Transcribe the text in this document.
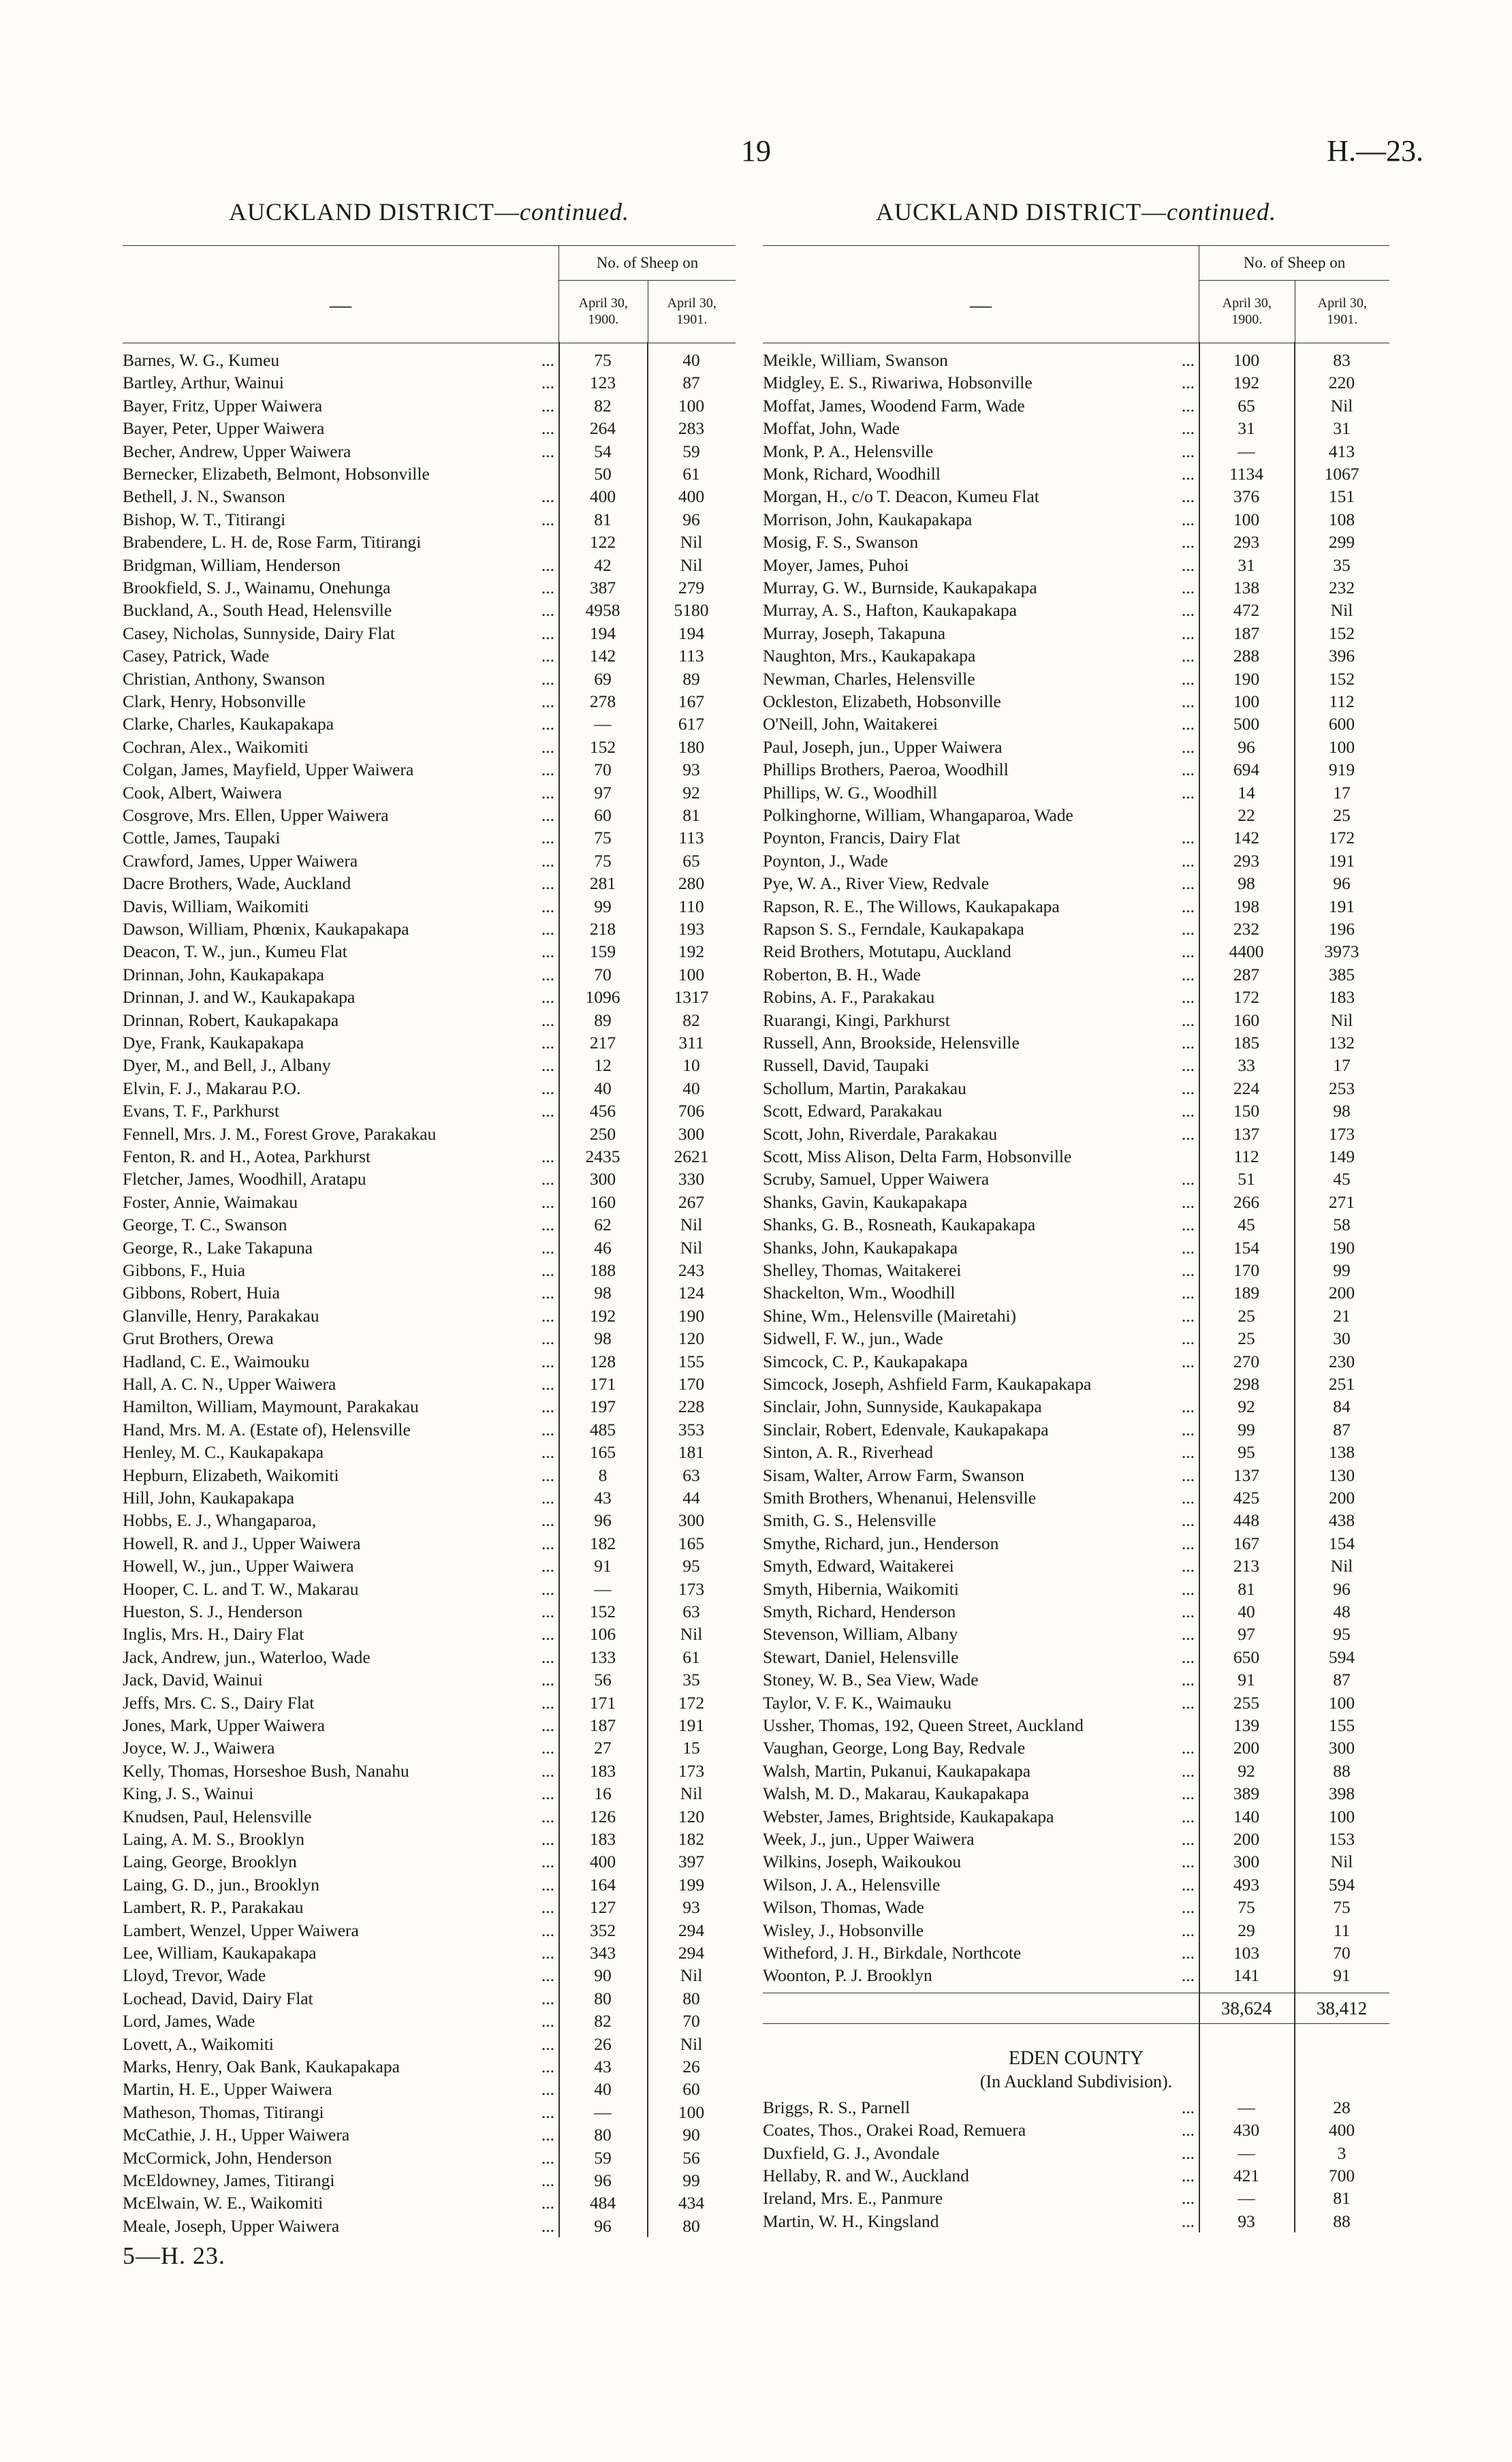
19	H.—23.
AUCKLAND DISTRICT—continued.
—
No. of Sheep on
April 30,
1900.
April 30,
1901.
Barnes, W. G., Kumeu	...	75	40
Bartley, Arthur, Wainui	...	123	87
Bayer, Fritz, Upper Waiwera	...	82	100
Bayer, Peter, Upper Waiwera	...	264	283
Becher, Andrew, Upper Waiwera	...	54	59
Bernecker, Elizabeth, Belmont, Hobsonville	50	61
Bethell, J. N., Swanson	...	400	400
Bishop, W. T., Titirangi	...	81	96
Brabendere, L. H. de, Rose Farm, Titirangi	122	Nil
Bridgman, William, Henderson	...	42	Nil
Brookfield, S. J., Wainamu, Onehunga	...	387	279
Buckland, A., South Head, Helensville	...	4958	5180
Casey, Nicholas, Sunnyside, Dairy Flat	...	194	194
Casey, Patrick, Wade	...	142	113
Christian, Anthony, Swanson	...	69	89
Clark, Henry, Hobsonville	...	278	167
Clarke, Charles, Kaukapakapa	...	—	617
Cochran, Alex., Waikomiti	...	152	180
Colgan, James, Mayfield, Upper Waiwera	...	70	93
Cook, Albert, Waiwera	...	97	92
Cosgrove, Mrs. Ellen, Upper Waiwera	...	60	81
Cottle, James, Taupaki	...	75	113
Crawford, James, Upper Waiwera	...	75	65
Dacre Brothers, Wade, Auckland	...	281	280
Davis, William, Waikomiti	...	99	110
Dawson, William, Phœnix, Kaukapakapa	...	218	193
Deacon, T. W., jun., Kumeu Flat	...	159	192
Drinnan, John, Kaukapakapa	...	70	100
Drinnan, J. and W., Kaukapakapa	...	1096	1317
Drinnan, Robert, Kaukapakapa	...	89	82
Dye, Frank, Kaukapakapa	...	217	311
Dyer, M., and Bell, J., Albany	...	12	10
Elvin, F. J., Makarau P.O.	...	40	40
Evans, T. F., Parkhurst	...	456	706
Fennell, Mrs. J. M., Forest Grove, Parakakau	250	300
Fenton, R. and H., Aotea, Parkhurst	...	2435	2621
Fletcher, James, Woodhill, Aratapu	...	300	330
Foster, Annie, Waimakau	...	160	267
George, T. C., Swanson	...	62	Nil
George, R., Lake Takapuna	...	46	Nil
Gibbons, F., Huia	...	188	243
Gibbons, Robert, Huia	...	98	124
Glanville, Henry, Parakakau	...	192	190
Grut Brothers, Orewa	...	98	120
Hadland, C. E., Waimouku	...	128	155
Hall, A. C. N., Upper Waiwera	...	171	170
Hamilton, William, Maymount, Parakakau	...	197	228
Hand, Mrs. M. A. (Estate of), Helensville	...	485	353
Henley, M. C., Kaukapakapa	...	165	181
Hepburn, Elizabeth, Waikomiti	...	8	63
Hill, John, Kaukapakapa	...	43	44
Hobbs, E. J., Whangaparoa,	...	96	300
Howell, R. and J., Upper Waiwera	...	182	165
Howell, W., jun., Upper Waiwera	...	91	95
Hooper, C. L. and T. W., Makarau	...	—	173
Hueston, S. J., Henderson	...	152	63
Inglis, Mrs. H., Dairy Flat	...	106	Nil
Jack, Andrew, jun., Waterloo, Wade	...	133	61
Jack, David, Wainui	...	56	35
Jeffs, Mrs. C. S., Dairy Flat	...	171	172
Jones, Mark, Upper Waiwera	...	187	191
Joyce, W. J., Waiwera	...	27	15
Kelly, Thomas, Horseshoe Bush, Nanahu	...	183	173
King, J. S., Wainui	...	16	Nil
Knudsen, Paul, Helensville	...	126	120
Laing, A. M. S., Brooklyn	...	183	182
Laing, George, Brooklyn	...	400	397
Laing, G. D., jun., Brooklyn	...	164	199
Lambert, R. P., Parakakau	...	127	93
Lambert, Wenzel, Upper Waiwera	...	352	294
Lee, William, Kaukapakapa	...	343	294
Lloyd, Trevor, Wade	...	90	Nil
Lochead, David, Dairy Flat	...	80	80
Lord, James, Wade	...	82	70
Lovett, A., Waikomiti	...	26	Nil
Marks, Henry, Oak Bank, Kaukapakapa	...	43	26
Martin, H. E., Upper Waiwera	...	40	60
Matheson, Thomas, Titirangi	...	—	100
McCathie, J. H., Upper Waiwera	...	80	90
McCormick, John, Henderson	...	59	56
McEldowney, James, Titirangi	...	96	99
McElwain, W. E., Waikomiti	...	484	434
Meale, Joseph, Upper Waiwera	...	96	80
5—H. 23.
AUCKLAND DISTRICT—continued.
—
No. of Sheep on
April 30,
1900.
April 30,
1901.
Meikle, William, Swanson	...	100	83
Midgley, E. S., Riwariwa, Hobsonville	...	192	220
Moffat, James, Woodend Farm, Wade	...	65	Nil
Moffat, John, Wade	...	31	31
Monk, P. A., Helensville	...	—	413
Monk, Richard, Woodhill	...	1134	1067
Morgan, H., c/o T. Deacon, Kumeu Flat	...	376	151
Morrison, John, Kaukapakapa	...	100	108
Mosig, F. S., Swanson	...	293	299
Moyer, James, Puhoi	...	31	35
Murray, G. W., Burnside, Kaukapakapa	...	138	232
Murray, A. S., Hafton, Kaukapakapa	...	472	Nil
Murray, Joseph, Takapuna	...	187	152
Naughton, Mrs., Kaukapakapa	...	288	396
Newman, Charles, Helensville	...	190	152
Ockleston, Elizabeth, Hobsonville	...	100	112
O'Neill, John, Waitakerei	...	500	600
Paul, Joseph, jun., Upper Waiwera	...	96	100
Phillips Brothers, Paeroa, Woodhill	...	694	919
Phillips, W. G., Woodhill	...	14	17
Polkinghorne, William, Whangaparoa, Wade	22	25
Poynton, Francis, Dairy Flat	...	142	172
Poynton, J., Wade	...	293	191
Pye, W. A., River View, Redvale	...	98	96
Rapson, R. E., The Willows, Kaukapakapa	...	198	191
Rapson S. S., Ferndale, Kaukapakapa	...	232	196
Reid Brothers, Motutapu, Auckland	...	4400	3973
Roberton, B. H., Wade	...	287	385
Robins, A. F., Parakakau	...	172	183
Ruarangi, Kingi, Parkhurst	...	160	Nil
Russell, Ann, Brookside, Helensville	...	185	132
Russell, David, Taupaki	...	33	17
Schollum, Martin, Parakakau	...	224	253
Scott, Edward, Parakakau	...	150	98
Scott, John, Riverdale, Parakakau	...	137	173
Scott, Miss Alison, Delta Farm, Hobsonville	112	149
Scruby, Samuel, Upper Waiwera	...	51	45
Shanks, Gavin, Kaukapakapa	...	266	271
Shanks, G. B., Rosneath, Kaukapakapa	...	45	58
Shanks, John, Kaukapakapa	...	154	190
Shelley, Thomas, Waitakerei	...	170	99
Shackelton, Wm., Woodhill	...	189	200
Shine, Wm., Helensville (Mairetahi)	...	25	21
Sidwell, F. W., jun., Wade	...	25	30
Simcock, C. P., Kaukapakapa	...	270	230
Simcock, Joseph, Ashfield Farm, Kaukapakapa	298	251
Sinclair, John, Sunnyside, Kaukapakapa	...	92	84
Sinclair, Robert, Edenvale, Kaukapakapa	...	99	87
Sinton, A. R., Riverhead	...	95	138
Sisam, Walter, Arrow Farm, Swanson	...	137	130
Smith Brothers, Whenanui, Helensville	...	425	200
Smith, G. S., Helensville	...	448	438
Smythe, Richard, jun., Henderson	...	167	154
Smyth, Edward, Waitakerei	...	213	Nil
Smyth, Hibernia, Waikomiti	...	81	96
Smyth, Richard, Henderson	...	40	48
Stevenson, William, Albany	...	97	95
Stewart, Daniel, Helensville	...	650	594
Stoney, W. B., Sea View, Wade	...	91	87
Taylor, V. F. K., Waimauku	...	255	100
Ussher, Thomas, 192, Queen Street, Auckland	139	155
Vaughan, George, Long Bay, Redvale	...	200	300
Walsh, Martin, Pukanui, Kaukapakapa	...	92	88
Walsh, M. D., Makarau, Kaukapakapa	...	389	398
Webster, James, Brightside, Kaukapakapa	...	140	100
Week, J., jun., Upper Waiwera	...	200	153
Wilkins, Joseph, Waikoukou	...	300	Nil
Wilson, J. A., Helensville	...	493	594
Wilson, Thomas, Wade	...	75	75
Wisley, J., Hobsonville	...	29	11
Witheford, J. H., Birkdale, Northcote	...	103	70
Woonton, P. J. Brooklyn	...	141	91
38,624	38,412
EDEN COUNTY
(In Auckland Subdivision).
Briggs, R. S., Parnell	...	—	28
Coates, Thos., Orakei Road, Remuera	...	430	400
Duxfield, G. J., Avondale	...	—	3
Hellaby, R. and W., Auckland	...	421	700
Ireland, Mrs. E., Panmure	...	—	81
Martin, W. H., Kingsland	...	93	88
